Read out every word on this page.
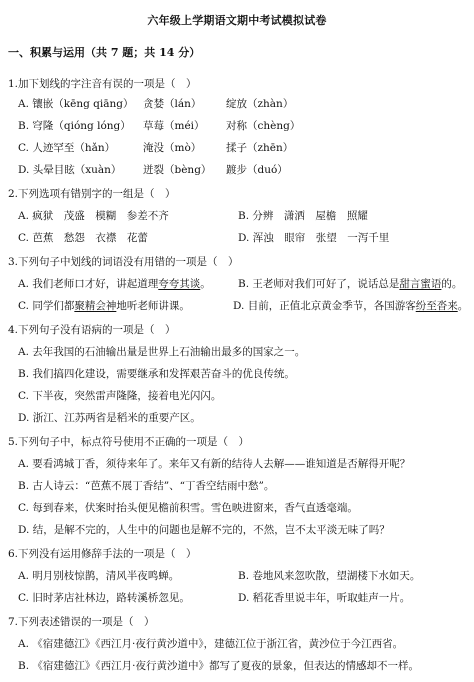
六年级上学期语文期中考试模拟试卷
一、积累与运用（共 7 题；共 14 分）
1.加下划线的字注音有误的一项是（　）
A. 镶嵌（kēng qiāng） 贪婪（lán） 绽放（zhàn）
B. 穹隆（qióng lóng） 草莓（méi） 对称（chèng）
C. 人迹罕至（hǎn）	淹没（mò） 揉子（zhēn）
D. 头晕目眩（xuàn） 迸裂（bèng） 踱步（duó）
2.下列选项有错别字的一组是（　）
A. 疯狱　茂盛　模糊　参差不齐	B. 分辨　潇洒　屋檐　照耀
C. 芭蕉　愁怨　衣襟　花蕾	D. 浑浊　眼帘　张望　一泻千里
3.下列句子中划线的词语没有用错的一项是（　）
A. 我们老师口才好，讲起道理夸夸其谈。	B. 王老师对我们可好了，说话总是甜言蜜语的。
C. 同学们都聚精会神地听老师讲课。	D. 目前，正值北京黄金季节，各国游客纷至沓来。
4.下列句子没有语病的一项是（　）
A. 去年我国的石油输出量是世界上石油输出最多的国家之一。
B. 我们搞四化建设，需要继承和发挥艰苦奋斗的优良传统。
C. 下半夜，突然雷声隆隆，接着电光闪闪。
D. 浙江、江苏两省是稻米的重要产区。
5.下列句子中，标点符号使用不正确的一项是（　）
A. 要看鸿城丁香，须待来年了。来年又有新的结待人去解——谁知道是否解得开呢？
B. 古人诗云：“芭蕉不展丁香结”、“丁香空结雨中愁”。
C. 每到春来，伏案时抬头便见檐前积雪。雪色映进窗来，香气直透毫端。
D. 结，是解不完的，人生中的问题也是解不完的，不然，岂不太平淡无味了吗？
6.下列没有运用修辞手法的一项是（　）
A. 明月别枝惊鹊，清风半夜鸣蝉。	B. 卷地风来忽吹散，望湖楼下水如天。
C. 旧时茅店社林边，路转溪桥忽见。	D. 稻花香里说丰年，听取蛙声一片。
7.下列表述错误的一项是（　）
A. 《宿建德江》《西江月·夜行黄沙道中》，建德江位于浙江省，黄沙位于今江西省。
B. 《宿建德江》《西江月·夜行黄沙道中》都写了夏夜的景象，但表达的情感却不一样。
